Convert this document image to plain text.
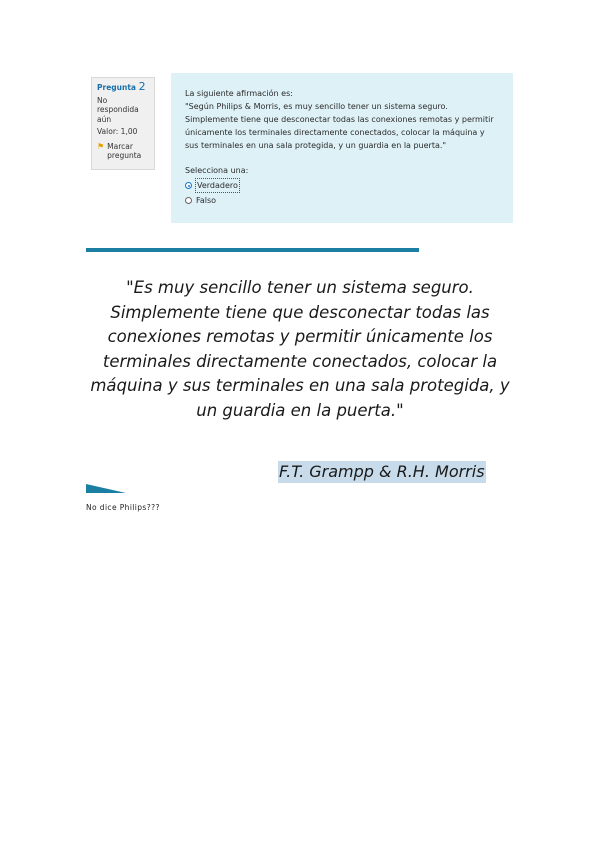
Pregunta 2
No respondida aún
Valor: 1,00
⚑ Marcar pregunta
La siguiente afirmación es:

"Según Philips & Morris, es muy sencillo tener un sistema seguro. Simplemente tiene que desconectar todas las conexiones remotas y permitir únicamente los terminales directamente conectados, colocar la máquina y sus terminales en una sala protegida, y un guardia en la puerta."

Selecciona una:
Verdadero
Falso

"Es muy sencillo tener un sistema seguro. Simplemente tiene que desconectar todas las conexiones remotas y permitir únicamente los terminales directamente conectados, colocar la máquina y sus terminales en una sala protegida, y un guardia en la puerta."

F.T. Grampp & R.H. Morris
No dice Philips???
